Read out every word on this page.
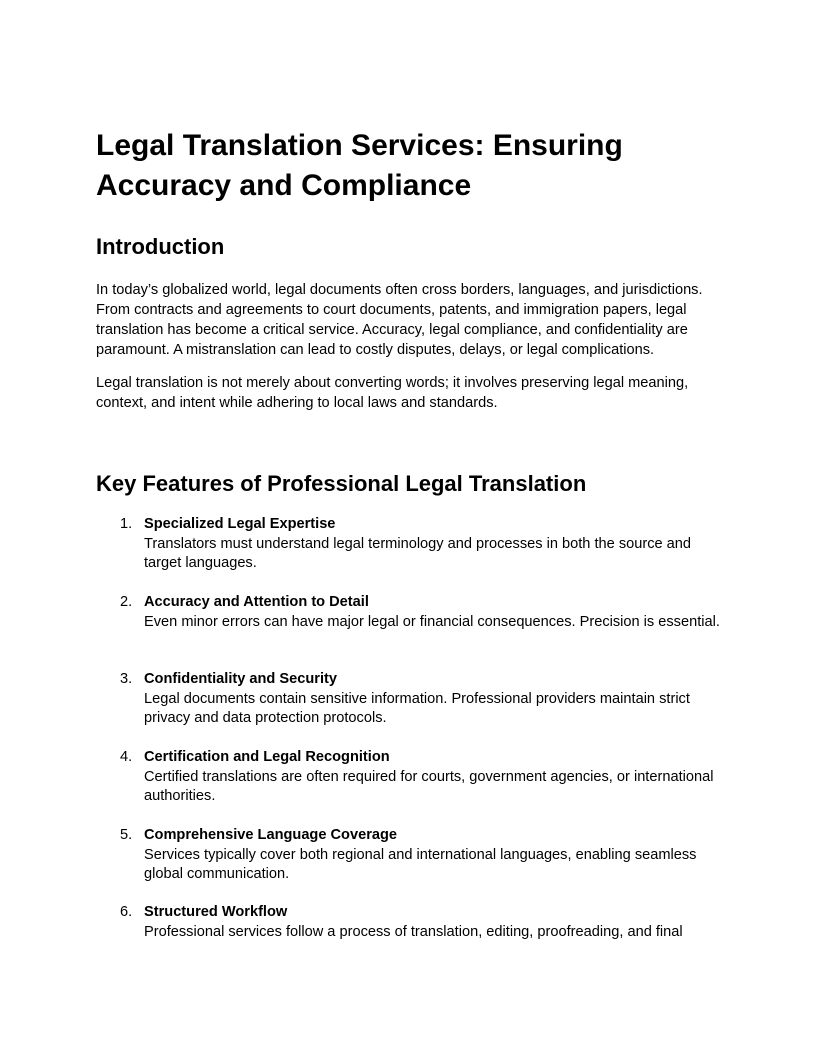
Legal Translation Services: Ensuring Accuracy and Compliance
Introduction

In today’s globalized world, legal documents often cross borders, languages, and jurisdictions. From contracts and agreements to court documents, patents, and immigration papers, legal translation has become a critical service. Accuracy, legal compliance, and confidentiality are paramount. A mistranslation can lead to costly disputes, delays, or legal complications.

Legal translation is not merely about converting words; it involves preserving legal meaning, context, and intent while adhering to local laws and standards.

Key Features of Professional Legal Translation
1. Specialized Legal Expertise
Translators must understand legal terminology and processes in both the source and target languages.
2. Accuracy and Attention to Detail
Even minor errors can have major legal or financial consequences. Precision is essential.
3. Confidentiality and Security
Legal documents contain sensitive information. Professional providers maintain strict privacy and data protection protocols.
4. Certification and Legal Recognition
Certified translations are often required for courts, government agencies, or international authorities.
5. Comprehensive Language Coverage
Services typically cover both regional and international languages, enabling seamless global communication.
6. Structured Workflow
Professional services follow a process of translation, editing, proofreading, and final
